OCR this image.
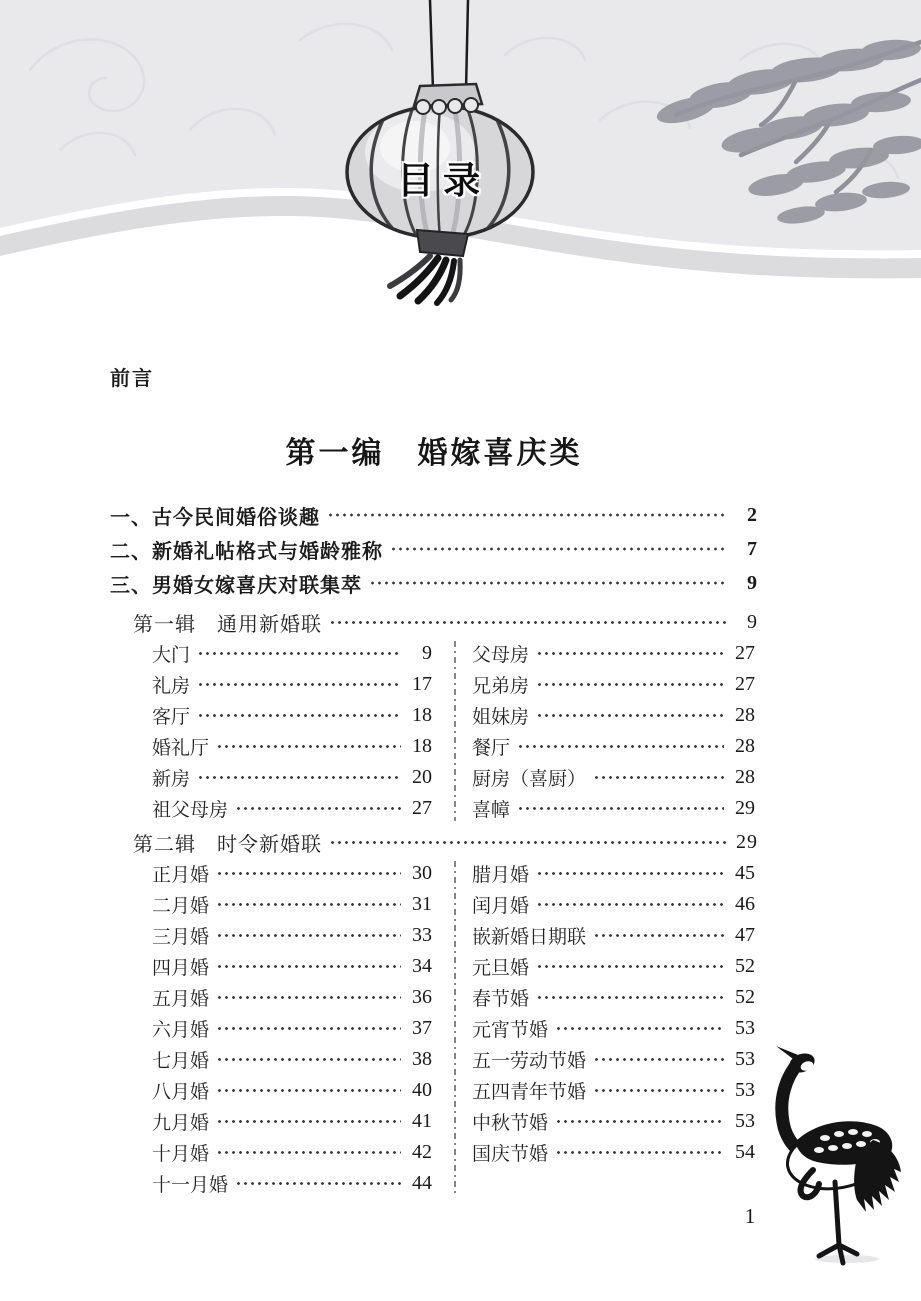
目录
前言
第一编　婚嫁喜庆类
一、古今民间婚俗谈趣	2
二、新婚礼帖格式与婚龄雅称	7
三、男婚女嫁喜庆对联集萃	9
第一辑　通用新婚联	9
大门	9
礼房	17
客厅	18
婚礼厅	18
新房	20
祖父母房	27
父母房	27
兄弟房	27
姐妹房	28
餐厅	28
厨房（喜厨）	28
喜幛	29
第二辑　时令新婚联	29
正月婚	30
二月婚	31
三月婚	33
四月婚	34
五月婚	36
六月婚	37
七月婚	38
八月婚	40
九月婚	41
十月婚	42
十一月婚	44
腊月婚	45
闰月婚	46
嵌新婚日期联	47
元旦婚	52
春节婚	52
元宵节婚	53
五一劳动节婚	53
五四青年节婚	53
中秋节婚	53
国庆节婚	54
1
